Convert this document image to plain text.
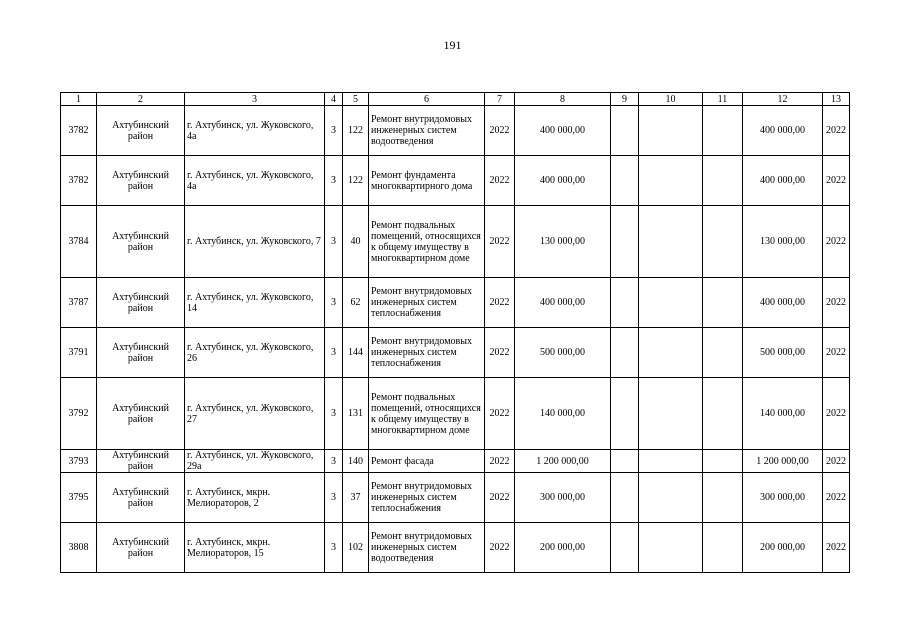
191
1	2	3	4	5	6	7	8	9	10	11	12	13
3782	Ахтубинский район	г. Ахтубинск, ул. Жуковского, 4а	3	122	Ремонт внутридомовых инженерных систем водоотведения	2022	400 000,00				400 000,00	2022
3782	Ахтубинский район	г. Ахтубинск, ул. Жуковского, 4а	3	122	Ремонт фундамента многоквартирного дома	2022	400 000,00				400 000,00	2022
3784	Ахтубинский район	г. Ахтубинск, ул. Жуковского, 7	3	40	Ремонт подвальных помещений, относящихся к общему имуществу в многоквартирном доме	2022	130 000,00				130 000,00	2022
3787	Ахтубинский район	г. Ахтубинск, ул. Жуковского, 14	3	62	Ремонт внутридомовых инженерных систем теплоснабжения	2022	400 000,00				400 000,00	2022
3791	Ахтубинский район	г. Ахтубинск, ул. Жуковского, 26	3	144	Ремонт внутридомовых инженерных систем теплоснабжения	2022	500 000,00				500 000,00	2022
3792	Ахтубинский район	г. Ахтубинск, ул. Жуковского, 27	3	131	Ремонт подвальных помещений, относящихся к общему имуществу в многоквартирном доме	2022	140 000,00				140 000,00	2022
3793	Ахтубинский район	г. Ахтубинск, ул. Жуковского, 29а	3	140	Ремонт фасада	2022	1 200 000,00				1 200 000,00	2022
3795	Ахтубинский район	г. Ахтубинск, мкрн. Мелиораторов, 2	3	37	Ремонт внутридомовых инженерных систем теплоснабжения	2022	300 000,00				300 000,00	2022
3808	Ахтубинский район	г. Ахтубинск, мкрн. Мелиораторов, 15	3	102	Ремонт внутридомовых инженерных систем водоотведения	2022	200 000,00				200 000,00	2022
